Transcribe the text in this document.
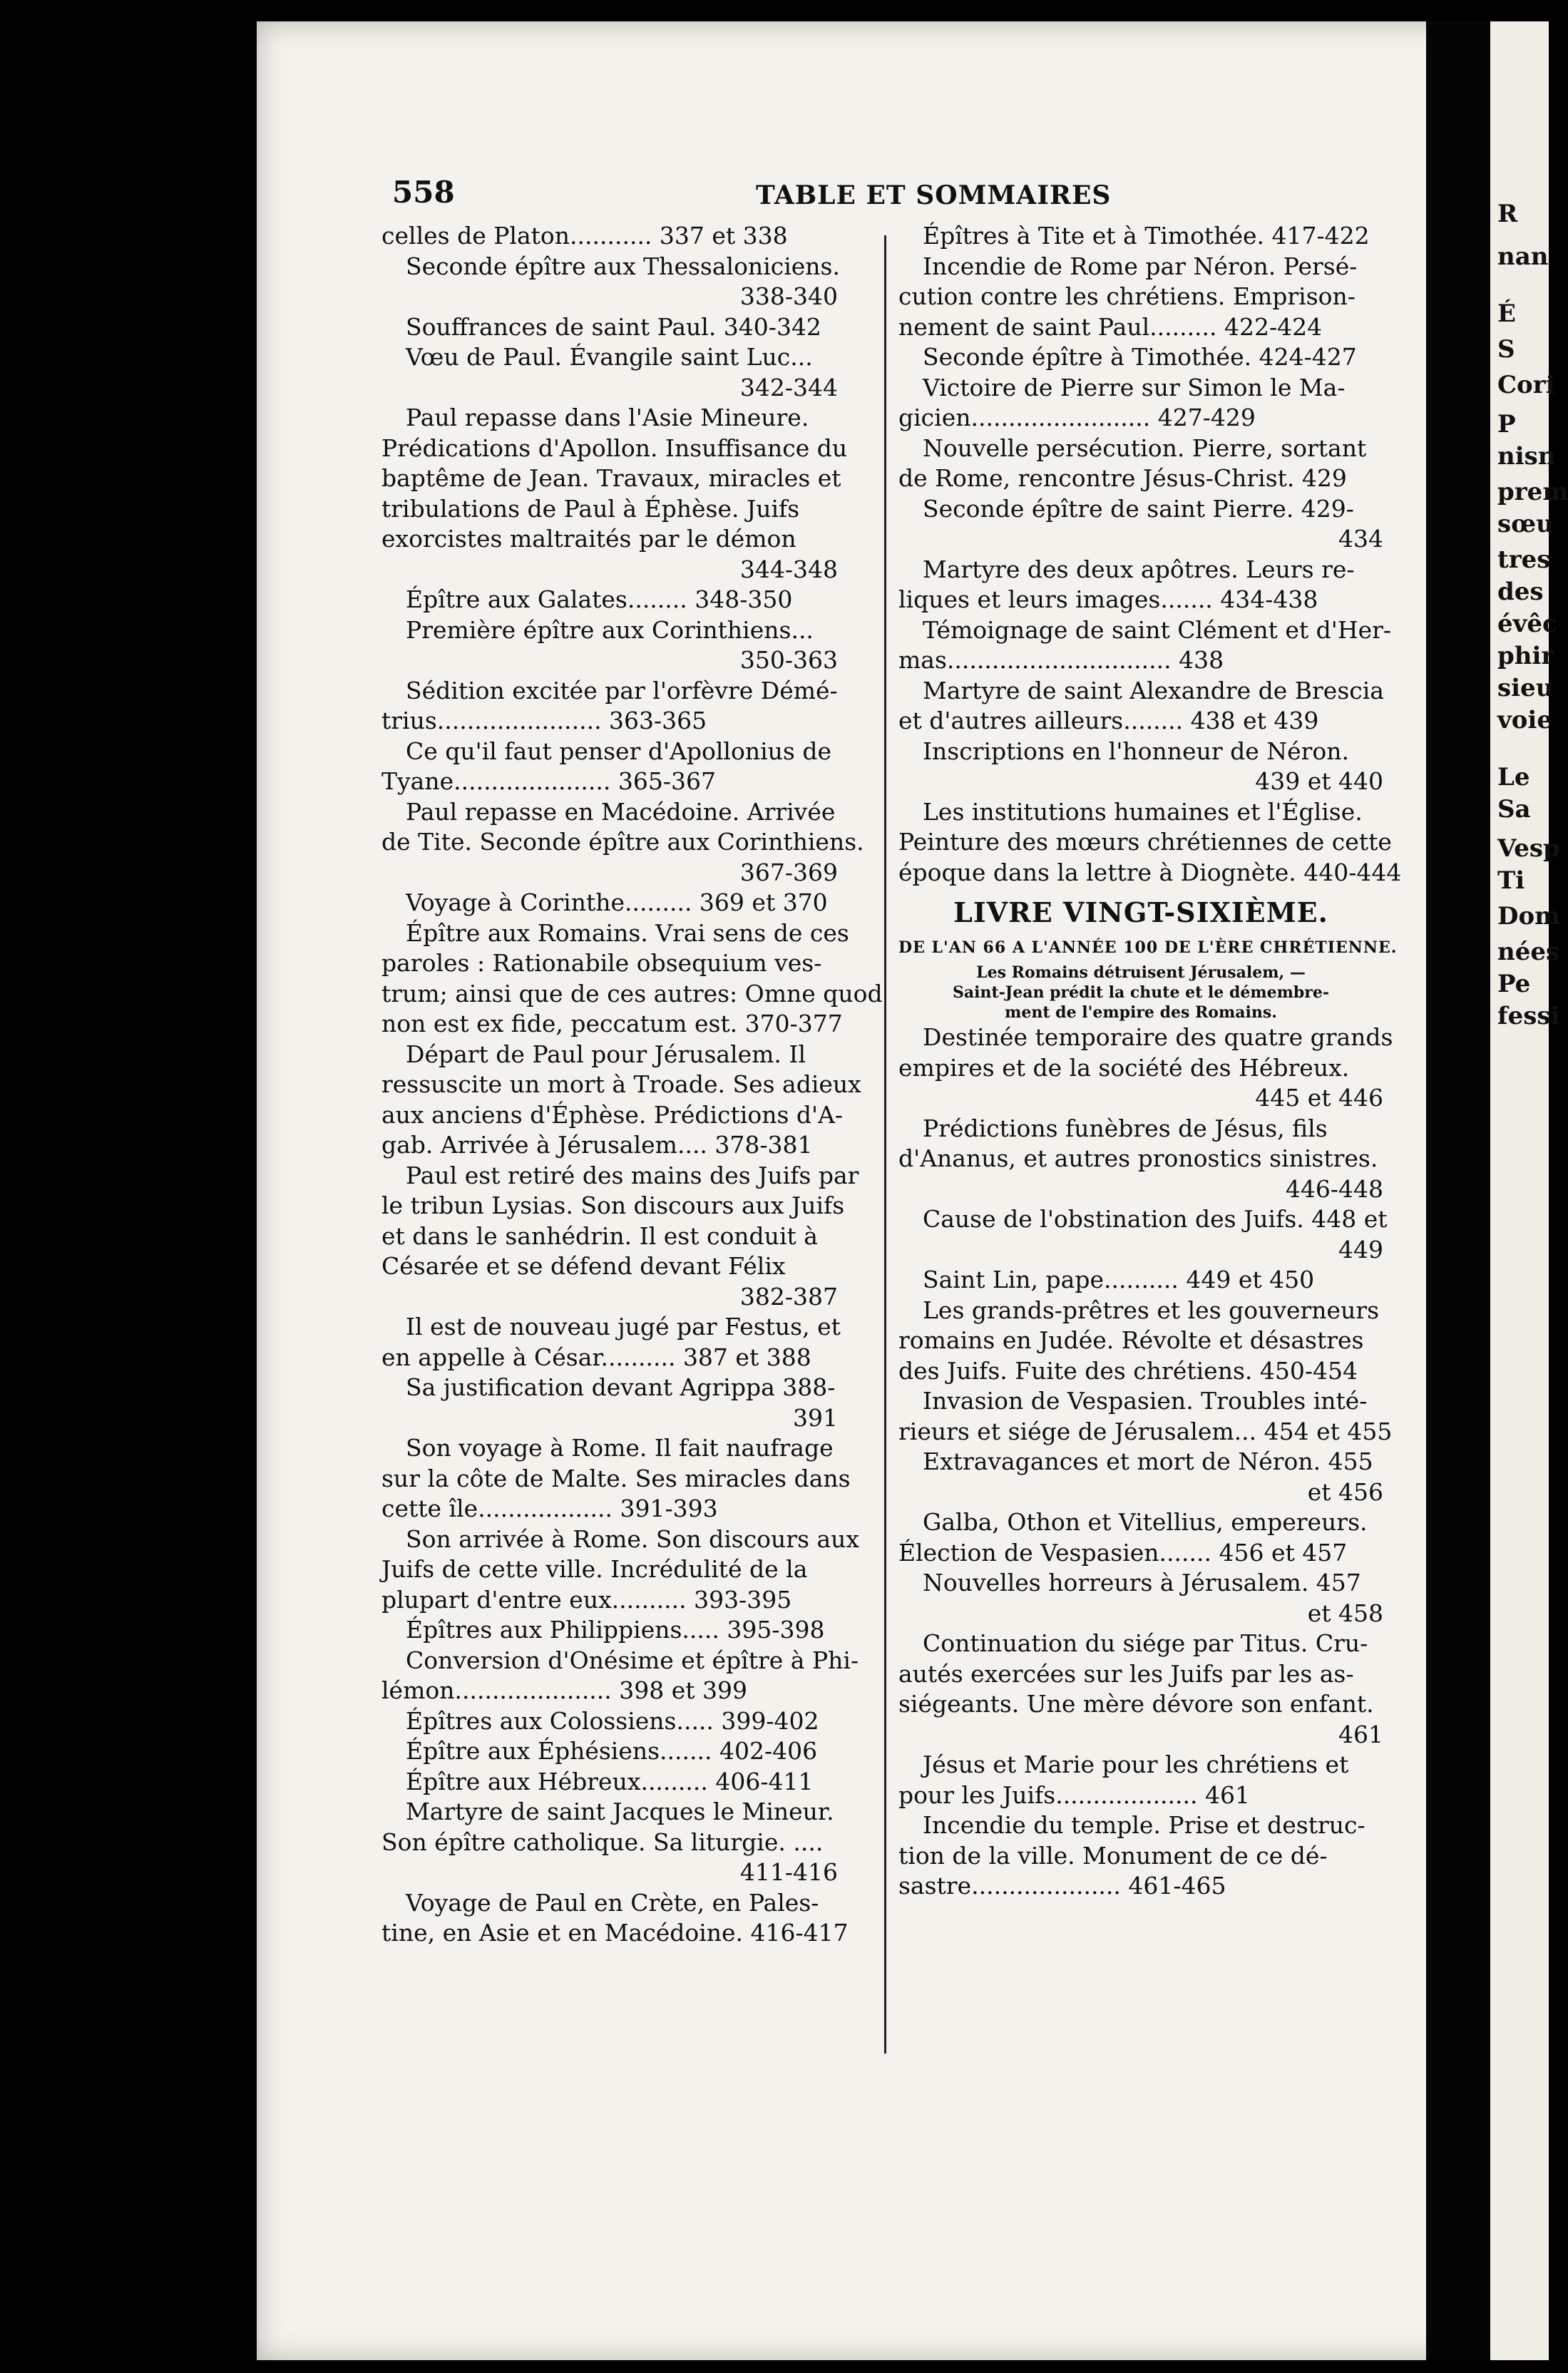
558	TABLE ET SOMMAIRES
celles de Platon........... 337 et 338
Seconde épître aux Thessaloniciens.
338-340
Souffrances de saint Paul. 340-342
Vœu de Paul. Évangile saint Luc...
342-344
Paul repasse dans l'Asie Mineure.
Prédications d'Apollon. Insuffisance du
baptême de Jean. Travaux, miracles et
tribulations de Paul à Éphèse. Juifs
exorcistes maltraités par le démon
344-348
Épître aux Galates........ 348-350
Première épître aux Corinthiens...
350-363
Sédition excitée par l'orfèvre Démé-
trius...................... 363-365
Ce qu'il faut penser d'Apollonius de
Tyane..................... 365-367
Paul repasse en Macédoine. Arrivée
de Tite. Seconde épître aux Corinthiens.
367-369
Voyage à Corinthe......... 369 et 370
Épître aux Romains. Vrai sens de ces
paroles : Rationabile obsequium ves-
trum; ainsi que de ces autres: Omne quod
non est ex fide, peccatum est. 370-377
Départ de Paul pour Jérusalem. Il
ressuscite un mort à Troade. Ses adieux
aux anciens d'Éphèse. Prédictions d'A-
gab. Arrivée à Jérusalem.... 378-381
Paul est retiré des mains des Juifs par
le tribun Lysias. Son discours aux Juifs
et dans le sanhédrin. Il est conduit à
Césarée et se défend devant Félix
382-387
Il est de nouveau jugé par Festus, et
en appelle à César.......... 387 et 388
Sa justification devant Agrippa 388-
391
Son voyage à Rome. Il fait naufrage
sur la côte de Malte. Ses miracles dans
cette île.................. 391-393
Son arrivée à Rome. Son discours aux
Juifs de cette ville. Incrédulité de la
plupart d'entre eux.......... 393-395
Épîtres aux Philippiens..... 395-398
Conversion d'Onésime et épître à Phi-
lémon..................... 398 et 399
Épîtres aux Colossiens..... 399-402
Épître aux Éphésiens....... 402-406
Épître aux Hébreux......... 406-411
Martyre de saint Jacques le Mineur.
Son épître catholique. Sa liturgie. ....
411-416
Voyage de Paul en Crète, en Pales-
tine, en Asie et en Macédoine. 416-417
Épîtres à Tite et à Timothée. 417-422
Incendie de Rome par Néron. Persé-
cution contre les chrétiens. Emprison-
nement de saint Paul......... 422-424
Seconde épître à Timothée. 424-427
Victoire de Pierre sur Simon le Ma-
gicien........................ 427-429
Nouvelle persécution. Pierre, sortant
de Rome, rencontre Jésus-Christ. 429
Seconde épître de saint Pierre. 429-
434
Martyre des deux apôtres. Leurs re-
liques et leurs images....... 434-438
Témoignage de saint Clément et d'Her-
mas.............................. 438
Martyre de saint Alexandre de Brescia
et d'autres ailleurs........ 438 et 439
Inscriptions en l'honneur de Néron.
439 et 440
Les institutions humaines et l'Église.
Peinture des mœurs chrétiennes de cette
époque dans la lettre à Diognète. 440-444
LIVRE VINGT-SIXIÈME.
DE L'AN 66 A L'ANNÉE 100 DE L'ÈRE CHRÉTIENNE.
Les Romains détruisent Jérusalem, —
Saint-Jean prédit la chute et le démembre-
ment de l'empire des Romains.
Destinée temporaire des quatre grands
empires et de la société des Hébreux.
445 et 446
Prédictions funèbres de Jésus, fils
d'Ananus, et autres pronostics sinistres.
446-448
Cause de l'obstination des Juifs. 448 et
449
Saint Lin, pape.......... 449 et 450
Les grands-prêtres et les gouverneurs
romains en Judée. Révolte et désastres
des Juifs. Fuite des chrétiens. 450-454
Invasion de Vespasien. Troubles inté-
rieurs et siége de Jérusalem... 454 et 455
Extravagances et mort de Néron. 455
et 456
Galba, Othon et Vitellius, empereurs.
Élection de Vespasien....... 456 et 457
Nouvelles horreurs à Jérusalem. 457
et 458
Continuation du siége par Titus. Cru-
autés exercées sur les Juifs par les as-
siégeants. Une mère dévore son enfant.
461
Jésus et Marie pour les chrétiens et
pour les Juifs................... 461
Incendie du temple. Prise et destruc-
tion de la ville. Monument de ce dé-
sastre.................... 461-465
R
nan
É
S
Cori
P
nisn
prem
sœu
tres
des
évêc
phir
sieu
voie
Le
Sa
Vesp
Ti
Dom
nées
Pe
fessi
